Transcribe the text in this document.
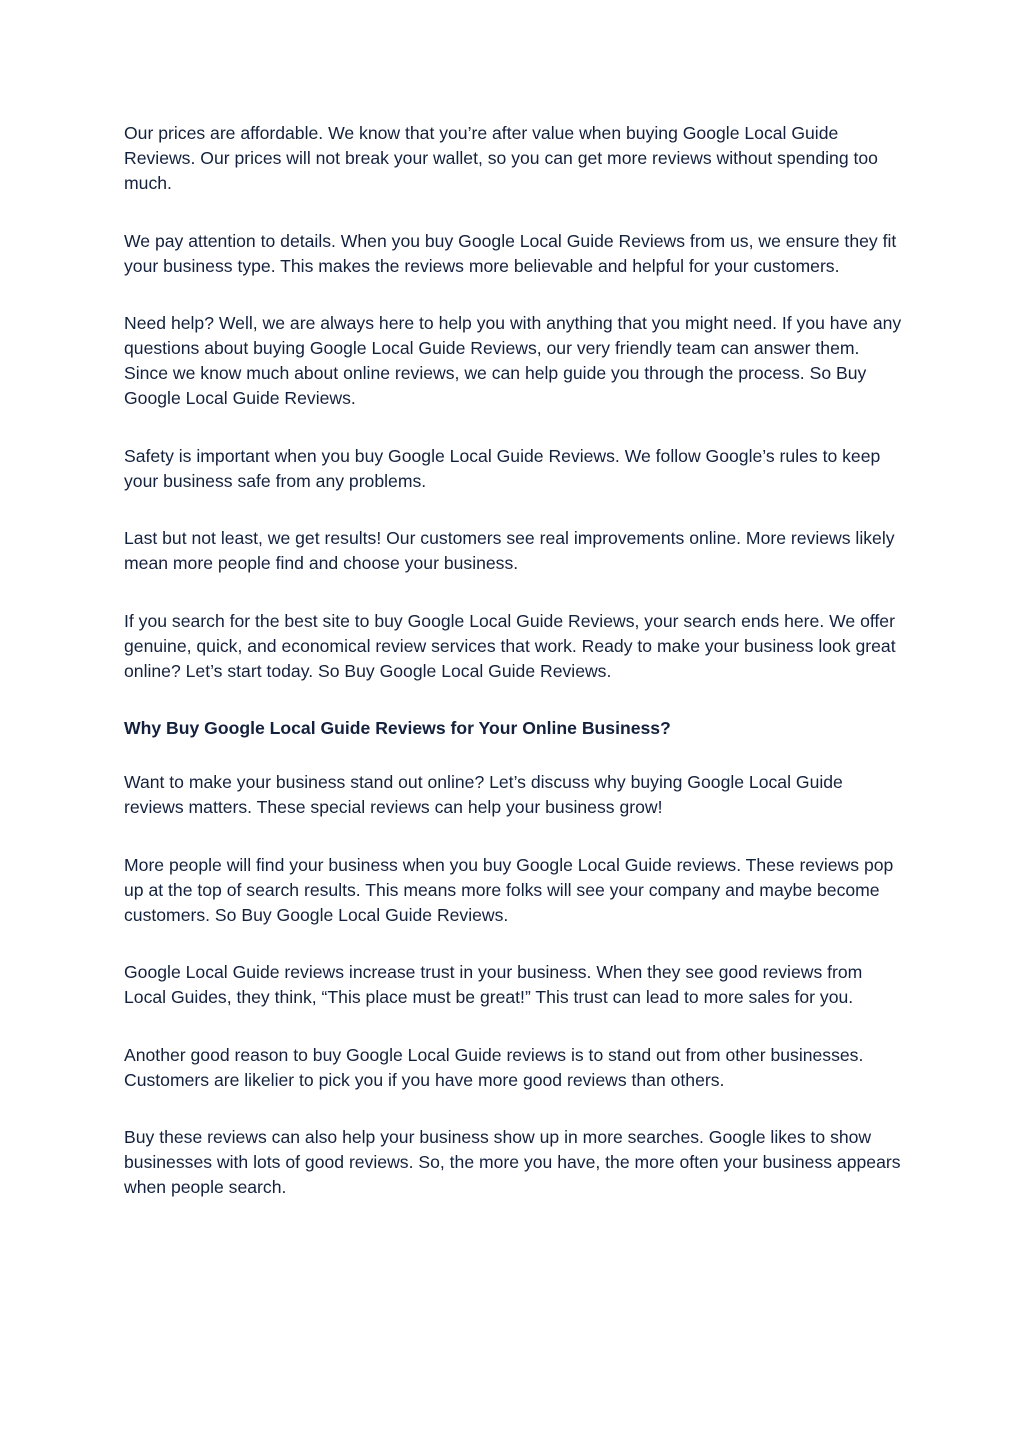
Our prices are affordable. We know that you’re after value when buying Google Local Guide Reviews. Our prices will not break your wallet, so you can get more reviews without spending too much.

We pay attention to details. When you buy Google Local Guide Reviews from us, we ensure they fit your business type. This makes the reviews more believable and helpful for your customers.

Need help? Well, we are always here to help you with anything that you might need. If you have any questions about buying Google Local Guide Reviews, our very friendly team can answer them. Since we know much about online reviews, we can help guide you through the process. So Buy Google Local Guide Reviews.

Safety is important when you buy Google Local Guide Reviews. We follow Google’s rules to keep your business safe from any problems.

Last but not least, we get results! Our customers see real improvements online. More reviews likely mean more people find and choose your business.

If you search for the best site to buy Google Local Guide Reviews, your search ends here. We offer genuine, quick, and economical review services that work. Ready to make your business look great online? Let’s start today. So Buy Google Local Guide Reviews.

Why Buy Google Local Guide Reviews for Your Online Business?

Want to make your business stand out online? Let’s discuss why buying Google Local Guide reviews matters. These special reviews can help your business grow!

More people will find your business when you buy Google Local Guide reviews. These reviews pop up at the top of search results. This means more folks will see your company and maybe become customers. So Buy Google Local Guide Reviews.

Google Local Guide reviews increase trust in your business. When they see good reviews from Local Guides, they think, “This place must be great!” This trust can lead to more sales for you.

Another good reason to buy Google Local Guide reviews is to stand out from other businesses. Customers are likelier to pick you if you have more good reviews than others.

Buy these reviews can also help your business show up in more searches. Google likes to show businesses with lots of good reviews. So, the more you have, the more often your business appears when people search.
